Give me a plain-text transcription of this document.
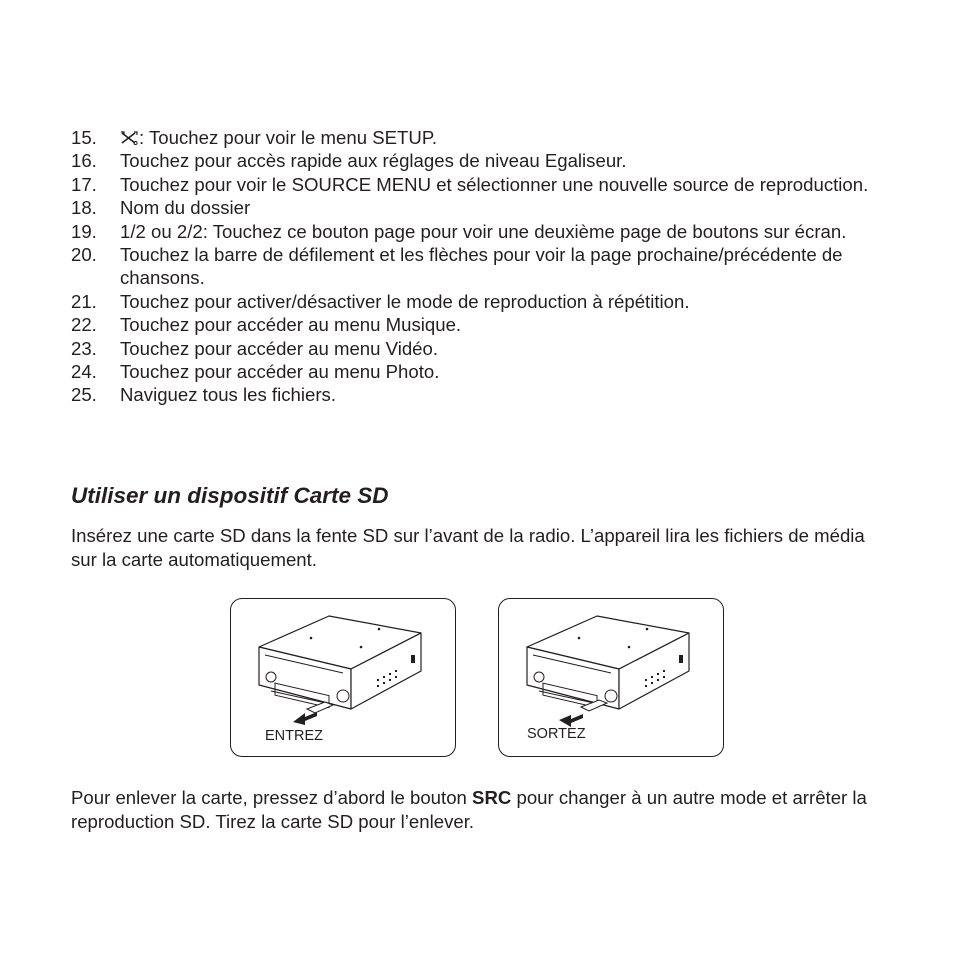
15. : Touchez pour voir le menu SETUP.
16. Touchez pour accès rapide aux réglages de niveau Egaliseur.
17. Touchez pour voir le SOURCE MENU et sélectionner une nouvelle source de reproduction.
18. Nom du dossier
19. 1/2 ou 2/2: Touchez ce bouton page pour voir une deuxième page de boutons sur écran.
20. Touchez la barre de défilement et les flèches pour voir la page prochaine/précédente de chansons.
21. Touchez pour activer/désactiver le mode de reproduction à répétition.
22. Touchez pour accéder au menu Musique.
23. Touchez pour accéder au menu Vidéo.
24. Touchez pour accéder au menu Photo.
25. Naviguez tous les fichiers.
Utiliser un dispositif Carte SD

Insérez une carte SD dans la fente SD sur l’avant de la radio. L’appareil lira les fichiers de média sur la carte automatiquement.

ENTREZ	SORTEZ

Pour enlever la carte, pressez d’abord le bouton SRC pour changer à un autre mode et arrêter la reproduction SD. Tirez la carte SD pour l’enlever.
